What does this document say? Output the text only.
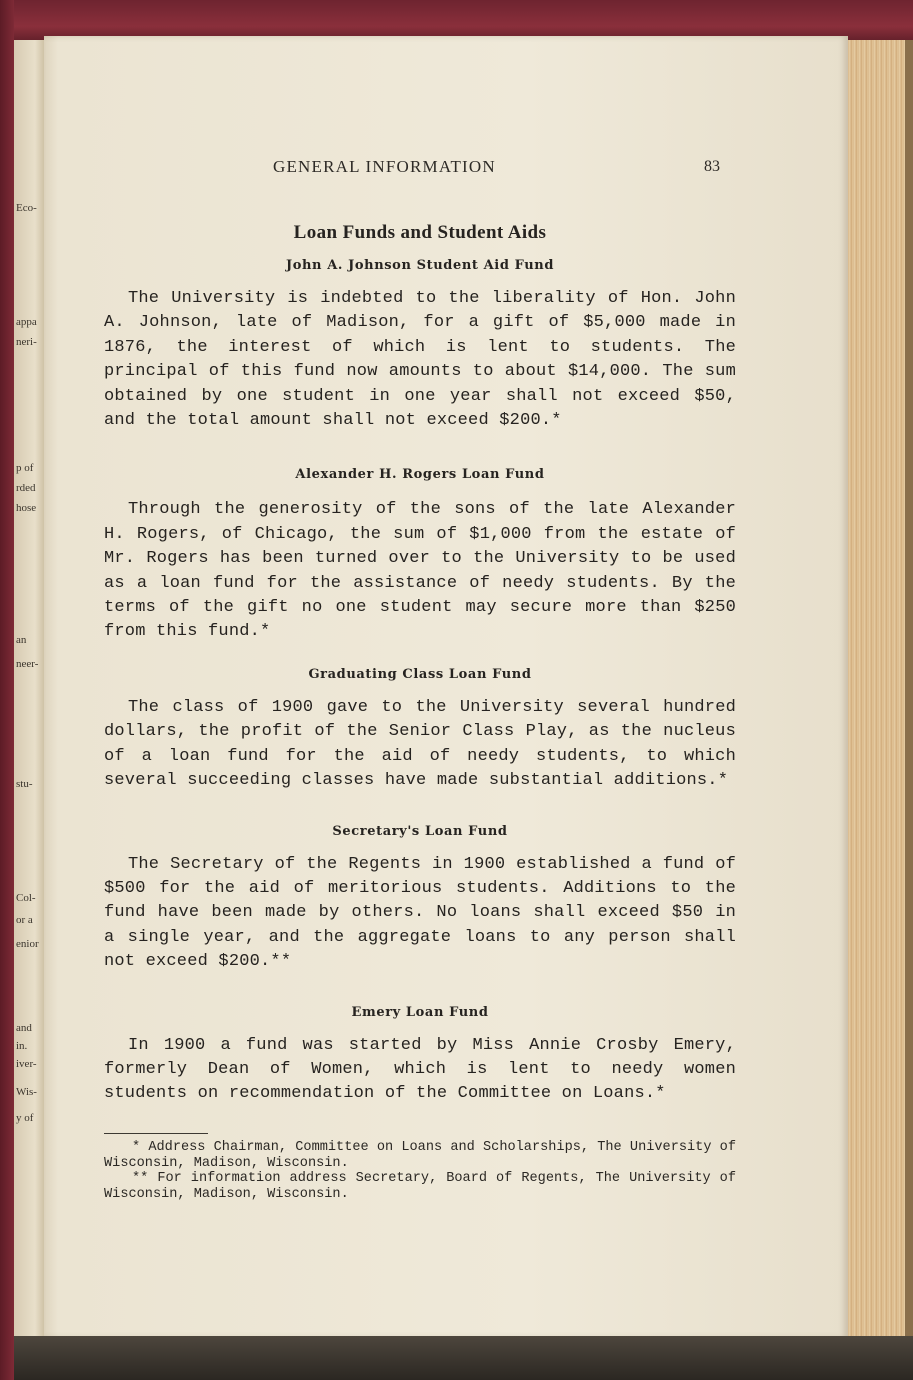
Eco-
appa
neri-
p of
rded
hose
an
neer-
stu-
Col-
or a
enior
and
in.
iver-
Wis-
y of
GENERAL INFORMATION	83
Loan Funds and Student Aids
John A. Johnson Student Aid Fund

The University is indebted to the liberality of Hon. John A. Johnson, late of Madison, for a gift of $5,000 made in 1876, the interest of which is lent to students. The principal of this fund now amounts to about $14,000. The sum obtained by one student in one year shall not exceed $50, and the total amount shall not exceed $200.*

Alexander H. Rogers Loan Fund

Through the generosity of the sons of the late Alexander H. Rogers, of Chicago, the sum of $1,000 from the estate of Mr. Rogers has been turned over to the University to be used as a loan fund for the assistance of needy students. By the terms of the gift no one student may secure more than $250 from this fund.*

Graduating Class Loan Fund

The class of 1900 gave to the University several hundred dollars, the profit of the Senior Class Play, as the nucleus of a loan fund for the aid of needy students, to which several succeeding classes have made substantial additions.*

Secretary's Loan Fund

The Secretary of the Regents in 1900 established a fund of $500 for the aid of meritorious students. Additions to the fund have been made by others. No loans shall exceed $50 in a single year, and the aggregate loans to any person shall not exceed $200.**

Emery Loan Fund

In 1900 a fund was started by Miss Annie Crosby Emery, formerly Dean of Women, which is lent to needy women students on recommendation of the Committee on Loans.*

* Address Chairman, Committee on Loans and Scholarships, The University of Wisconsin, Madison, Wisconsin.
** For information address Secretary, Board of Regents, The University of Wisconsin, Madison, Wisconsin.
